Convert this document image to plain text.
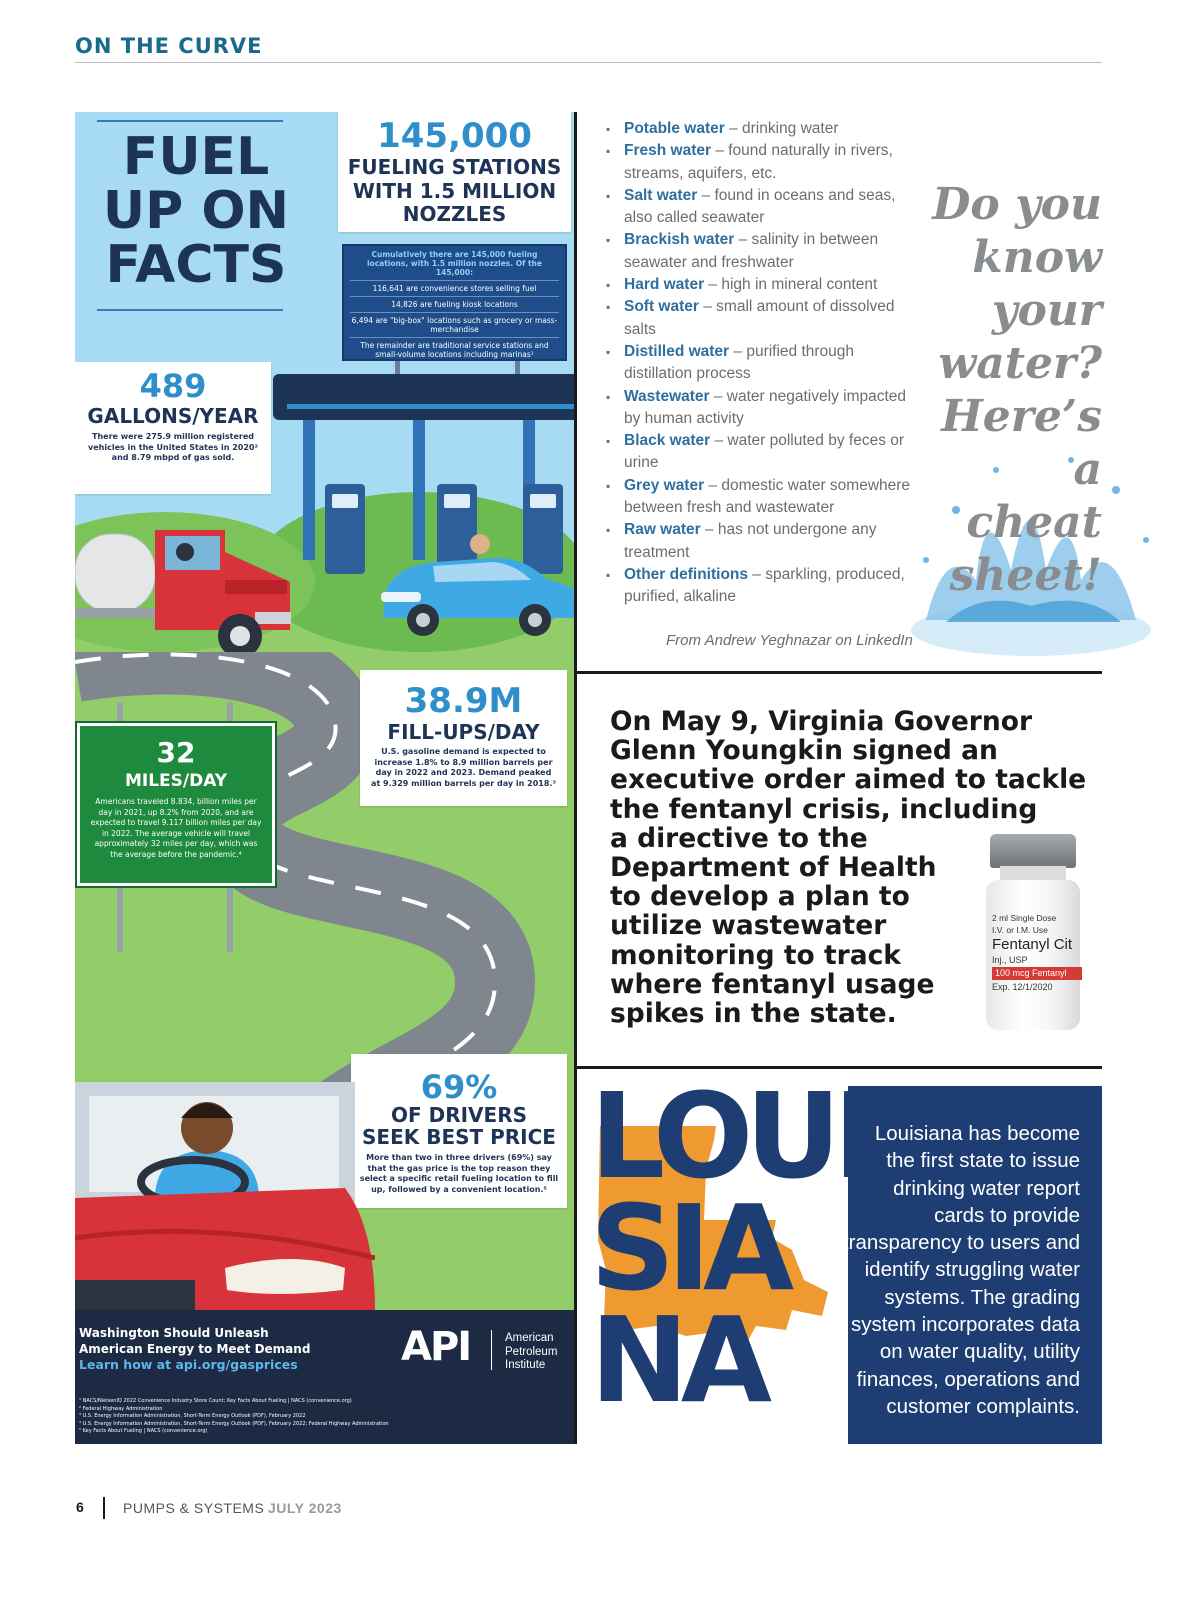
ON THE CURVE
FUEL
UP ON
FACTS
145,000
FUELING STATIONS
WITH 1.5 MILLION
NOZZLES
Cumulatively there are 145,000 fueling locations, with 1.5 million nozzles. Of the 145,000:
116,641 are convenience stores selling fuel
14,826 are fueling kiosk locations
6,494 are "big-box" locations such as grocery or mass-merchandise
The remainder are traditional service stations and small-volume locations including marinas¹
489
GALLONS/YEAR
There were 275.9 million registered vehicles in the United States in 2020² and 8.79 mbpd of gas sold.
38.9M
FILL-UPS/DAY
U.S. gasoline demand is expected to increase 1.8% to 8.9 million barrels per day in 2022 and 2023. Demand peaked at 9.329 million barrels per day in 2018.³
32
MILES/DAY
Americans traveled 8.834, billion miles per day in 2021, up 8.2% from 2020, and are expected to travel 9.117 billion miles per day in 2022. The average vehicle will travel approximately 32 miles per day, which was the average before the pandemic.⁴
69%
OF DRIVERS
SEEK BEST PRICE
More than two in three drivers (69%) say that the gas price is the top reason they select a specific retail fueling location to fill up, followed by a convenient location.⁵
Washington Should Unleash
American Energy to Meet Demand
Learn how at api.org/gasprices	API	American
Petroleum
Institute
¹ NACS/NielsenIQ 2022 Convenience Industry Store Count; Key Facts About Fueling | NACS (convenience.org)
² Federal Highway Administration
³ U.S. Energy Information Administration, Short-Term Energy Outlook (PDF), February 2022
⁴ U.S. Energy Information Administration, Short-Term Energy Outlook (PDF), February 2022; Federal Highway Administration
⁵ Key Facts About Fueling | NACS (convenience.org)
▪ Potable water – drinking water
▪ Fresh water – found naturally in rivers, streams, aquifers, etc.
▪ Salt water – found in oceans and seas, also called seawater
▪ Brackish water – salinity in between seawater and freshwater
▪ Hard water – high in mineral content
▪ Soft water – small amount of dissolved salts
▪ Distilled water – purified through distillation process
▪ Wastewater – water negatively impacted by human activity
▪ Black water – water polluted by feces or urine
▪ Grey water – domestic water somewhere between fresh and wastewater
▪ Raw water – has not undergone any treatment
▪ Other definitions – sparkling, produced, purified, alkaline
Do you
know
your
water?
Here’s
a cheat
sheet!
From Andrew Yeghnazar on LinkedIn
On May 9, Virginia Governor
Glenn Youngkin signed an
executive order aimed to tackle
the fentanyl crisis, including
a directive to the
Department of Health
to develop a plan to
utilize wastewater
monitoring to track
where fentanyl usage
spikes in the state.
2 ml Single Dose
I.V. or I.M. Use
Fentanyl Cit
Inj., USP
100 mcg Fentanyl
Exp. 12/1/2020
LOUI
SIA
NA
Louisiana has become
the first state to issue
drinking water report
cards to provide
transparency to users and
identify struggling water
systems. The grading
system incorporates data
on water quality, utility
finances, operations and
customer complaints.
6	PUMPS & SYSTEMS JULY 2023
